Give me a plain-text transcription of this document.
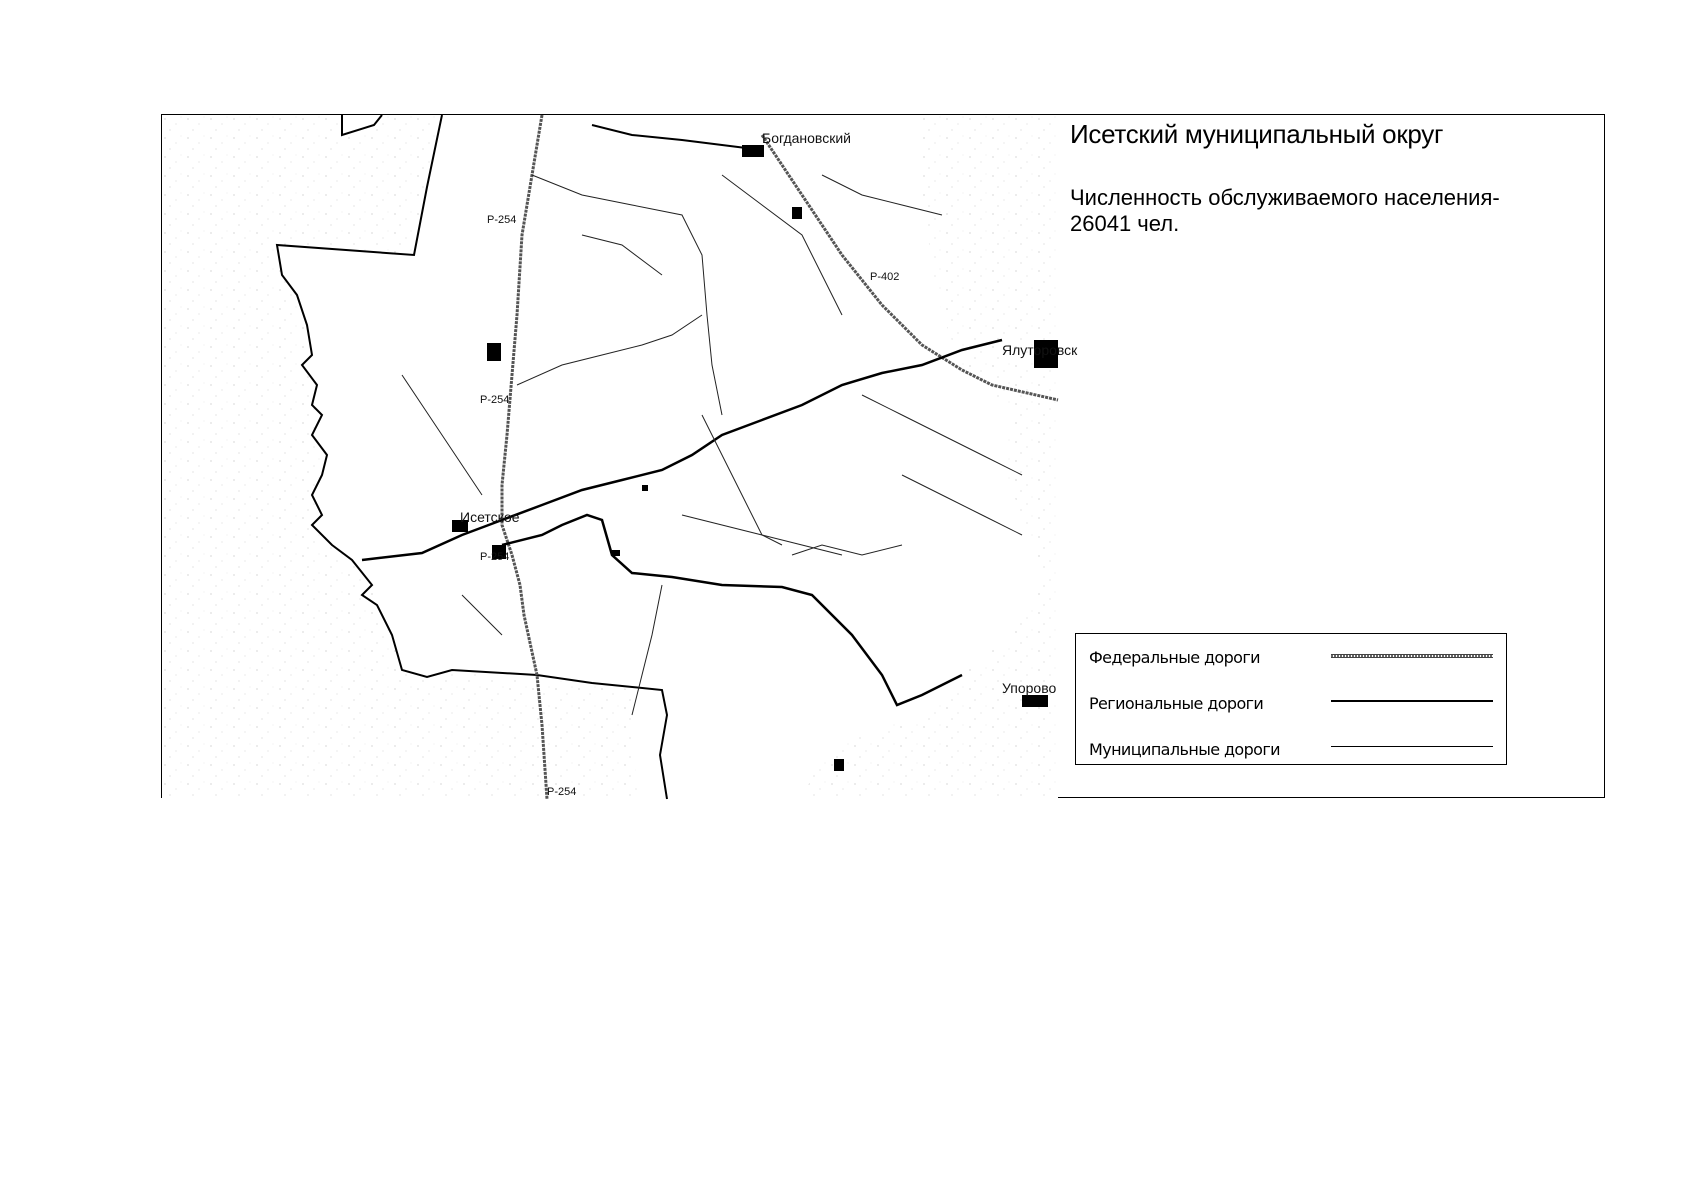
Р-254
Р-254
Р-254
Р-254
Р-402
Исетское
Богдановский
Упорово
Ялуторовск
Исетский муниципальный округ
Численность обслуживаемого населения-
26041 чел.
Федеральные дороги
Региональные дороги
Муниципальные дороги
